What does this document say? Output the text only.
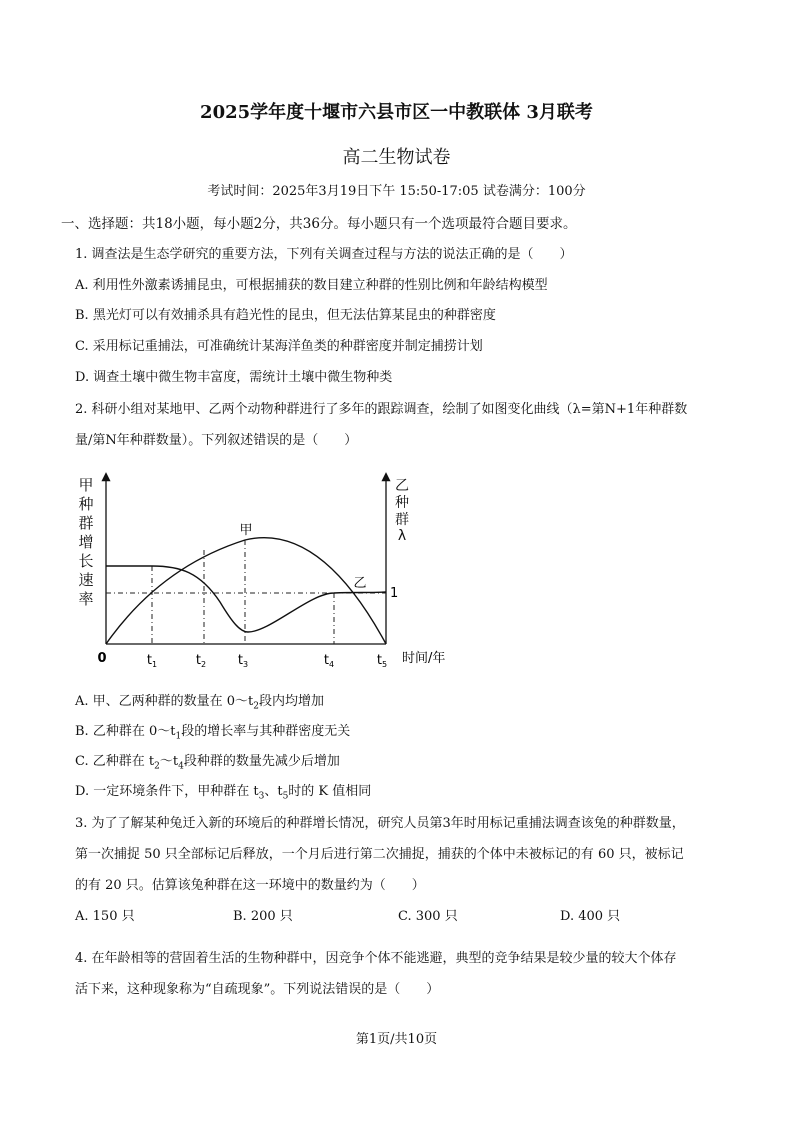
2025学年度十堰市六县市区一中教联体 3月联考
高二生物试卷
考试时间：2025年3月19日下午 15:50-17:05 试卷满分：100分
一、选择题：共18小题，每小题2分，共36分。每小题只有一个选项最符合题目要求。
1. 调查法是生态学研究的重要方法，下列有关调查过程与方法的说法正确的是（　　）
A. 利用性外激素诱捕昆虫，可根据捕获的数目建立种群的性别比例和年龄结构模型
B. 黑光灯可以有效捕杀具有趋光性的昆虫，但无法估算某昆虫的种群密度
C. 采用标记重捕法，可准确统计某海洋鱼类的种群密度并制定捕捞计划
D. 调查土壤中微生物丰富度，需统计土壤中微生物种类
2. 科研小组对某地甲、乙两个动物种群进行了多年的跟踪调查，绘制了如图变化曲线（λ=第N+1年种群数
量/第N年种群数量）。下列叙述错误的是（　　）
甲
种
群
增
长
速
率
乙
种
群
λ
甲
乙
1
0	$t_1$	$t_2$ $t_3$	$t_4$	$t_5$ 时间/年
A. 甲、乙两种群的数量在 $0\sim t_2$段内均增加
B. 乙种群在 $0\sim t_1$段的增长率与其种群密度无关
C. 乙种群在 $t_2\sim t_4$段种群的数量先减少后增加
D. 一定环境条件下，甲种群在 $t_3$、$t_5$时的 K 值相同
3. 为了了解某种兔迁入新的环境后的种群增长情况，研究人员第3年时用标记重捕法调查该兔的种群数量，
第一次捕捉 50 只全部标记后释放，一个月后进行第二次捕捉，捕获的个体中未被标记的有 60 只，被标记
的有 20 只。估算该兔种群在这一环境中的数量约为（　　）
A. 150 只	B. 200 只	C. 300 只	D. 400 只
4. 在年龄相等的营固着生活的生物种群中，因竞争个体不能逃避，典型的竞争结果是较少量的较大个体存
活下来，这种现象称为“自疏现象”。下列说法错误的是（　　）
第1页/共10页
